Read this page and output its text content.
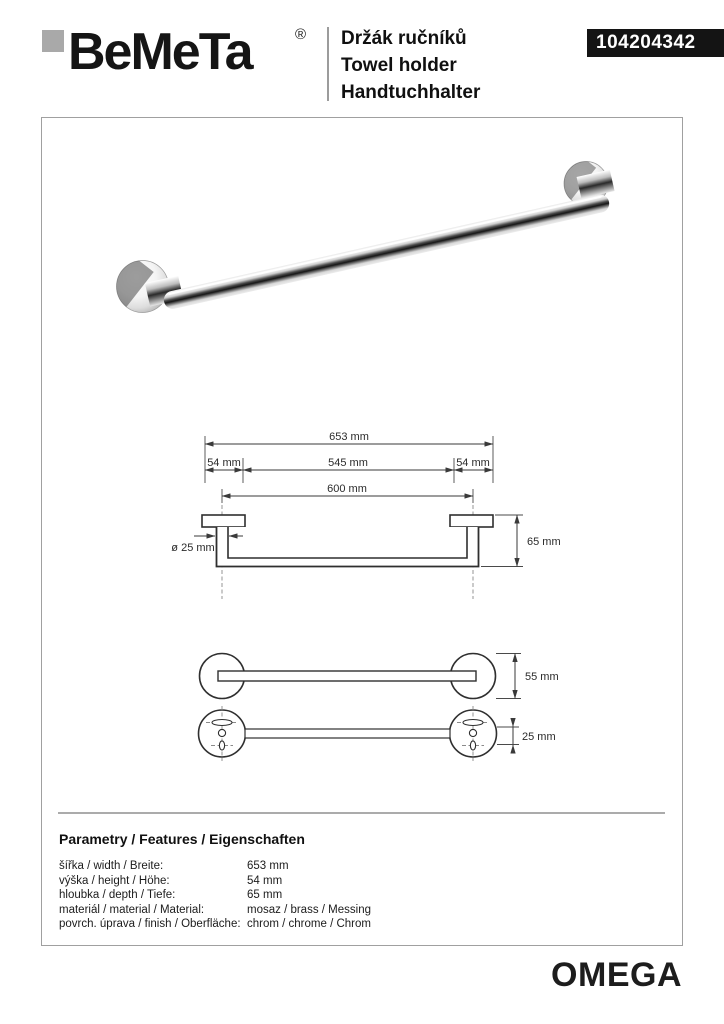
BeMeTa	® Držák ručníků
Towel holder
Handtuchhalter
104204342
653 mm
54 mm	545 mm	54 mm
600 mm
ø 25 mm	65 mm
55 mm
25 mm
Parametry / Features / Eigenschaften
šířka / width / Breite:	653 mm
výška / height / Höhe:	54 mm
hloubka / depth / Tiefe:	65 mm
materiál / material / Material:	mosaz / brass / Messing
povrch. úprava / finish / Oberfläche: chrom / chrome / Chrom
OMEGA
